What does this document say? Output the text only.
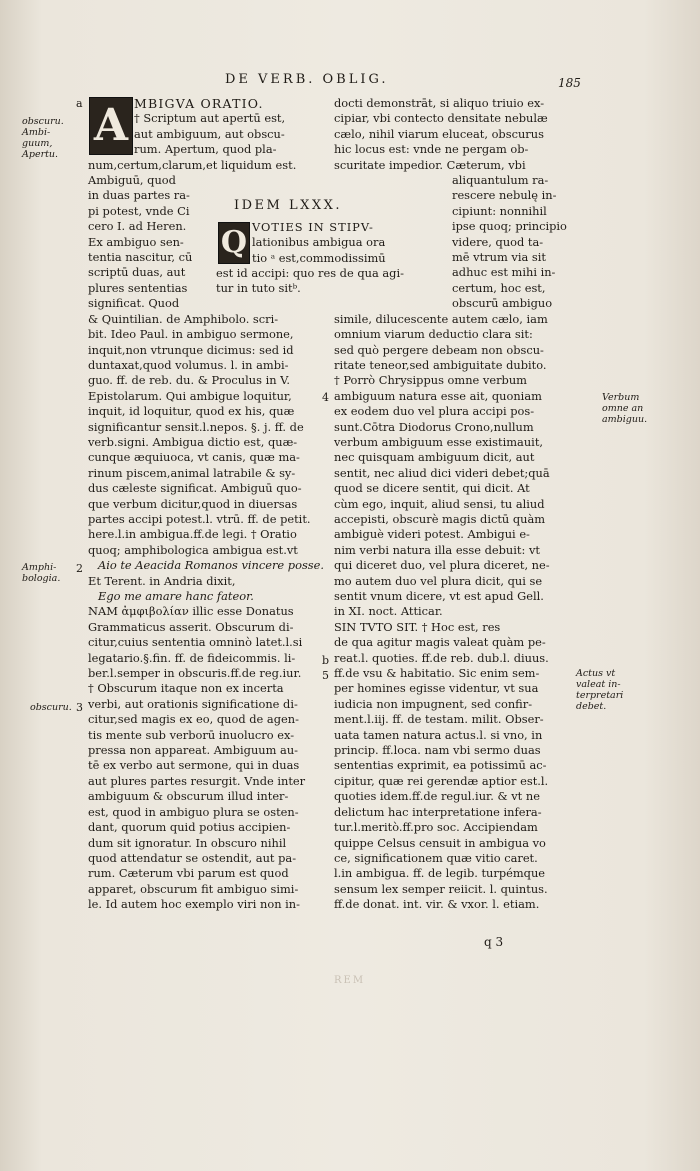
DE VERB. OBLIG.	185
A MBIGVA ORATIO.

† Scriptum aut apertū est,

aut ambiguum, aut obscu-

rum. Apertum, quod pla-

num,certum,clarum,et liquidum est.

Ambiguū, quod

in duas partes ra-

pi potest, vnde Ci

cero I. ad Heren.

Ex ambiguo sen-

tentia nascitur, cū

scriptū duas, aut

plures sententias

significat. Quod

& Quintilian. de Amphibolo. scri-

bit. Ideo Paul. in ambiguo sermone,

inquit,non vtrunque dicimus: sed id

duntaxat,quod volumus. l. in ambi-

guo. ff. de reb. du. & Proculus in V.

Epistolarum. Qui ambigue loquitur,

inquit, id loquitur, quod ex his, quæ

significantur sensit.l.nepos. §. j. ff. de

verb.signi. Ambigua dictio est, quæ-

cunque æquiuoca, vt canis, quæ ma-

rinum piscem,animal latrabile & sy-

dus cæleste significat. Ambiguū quo-

que verbum dicitur,quod in diuersas

partes accipi potest.l. vtrū. ff. de petit.

here.l.in ambigua.ff.de legi. † Oratio

quoq; amphibologica ambigua est.vt

Aio te Aeacida Romanos vincere posse.

Et Terent. in Andria dixit,

Ego me amare hanc fateor.

NAM ἀμφιβολίαν illic esse Donatus

Grammaticus asserit. Obscurum di-

citur,cuius sententia omninò latet.l.si

legatario.§.fin. ff. de fideicommis. li-

ber.l.semper in obscuris.ff.de reg.iur.

† Obscurum itaque non ex incerta

verbi, aut orationis significatione di-

citur,sed magis ex eo, quod de agen-

tis mente sub verborū inuolucro ex-

pressa non appareat. Ambiguum au-

tē ex verbo aut sermone, qui in duas

aut plures partes resurgit. Vnde inter

ambiguum & obscurum illud inter-

est, quod in ambiguo plura se osten-

dant, quorum quid potius accipien-

dum sit ignoratur. In obscuro nihil

quod attendatur se ostendit, aut pa-

rum. Cæterum vbi parum est quod

apparet, obscurum fit ambiguo simi-

le. Id autem hoc exemplo viri non in-

IDEM LXXX.
Q VOTIES IN STIPV-

lationibus ambigua ora

tio ᵃ est,commodissimū

est id accipi: quo res de qua agi-

tur in tuto sitᵇ.

docti demonstrāt, si aliquo triuio ex-

cipiar, vbi contecto densitate nebulæ

cælo, nihil viarum eluceat, obscurus

hic locus est: vnde ne pergam ob-

scuritate impedior. Cæterum, vbi

aliquantulum ra-

rescere nebulę in-

cipiunt: nonnihil

ipse quoq; principio

videre, quod ta-

mē vtrum via sit

adhuc est mihi in-

certum, hoc est,

obscurū ambiguo

simile, dilucescente autem cælo, iam

omnium viarum deductio clara sit:

sed quò pergere debeam non obscu-

ritate teneor,sed ambiguitate dubito.

† Porrò Chrysippus omne verbum

ambiguum natura esse ait, quoniam

ex eodem duo vel plura accipi pos-

sunt.Cōtra Diodorus Crono,nullum

verbum ambiguum esse existimauit,

nec quisquam ambiguum dicit, aut

sentit, nec aliud dici videri debet;quā

quod se dicere sentit, qui dicit. At

cùm ego, inquit, aliud sensi, tu aliud

accepisti, obscurè magis dictū quàm

ambiguè videri potest. Ambigui e-

nim verbi natura illa esse debuit: vt

qui diceret duo, vel plura diceret, ne-

mo autem duo vel plura dicit, qui se

sentit vnum dicere, vt est apud Gell.

in XI. noct. Atticar.

SIN TVTO SIT. † Hoc est, res

de qua agitur magis valeat quàm pe-

reat.l. quoties. ff.de reb. dub.l. diuus.

ff.de vsu & habitatio. Sic enim sem-

per homines egisse videntur, vt sua

iudicia non impugnent, sed confir-

ment.l.iij. ff. de testam. milit. Obser-

uata tamen natura actus.l. si vno, in

princip. ff.loca. nam vbi sermo duas

sententias exprimit, ea potissimū ac-

cipitur, quæ rei gerendæ aptior est.l.

quoties idem.ff.de regul.iur. & vt ne

delictum hac interpretatione infera-

tur.l.meritò.ff.pro soc. Accipiendam

quippe Celsus censuit in ambigua vo

ce, significationem quæ vitio caret.

l.in ambigua. ff. de legib. turpémque

sensum lex semper reiicit. l. quintus.

ff.de donat. int. vir. & vxor. l. etiam.

a
obscuru.
Ambi-
guum,
Apertu.
2
Amphi-
bologia.
3
obscuru.
4
b
5
Verbum
omne an
ambiguu.
Actus vt
valeat in-
terpretari
debet.
q 3
REM
